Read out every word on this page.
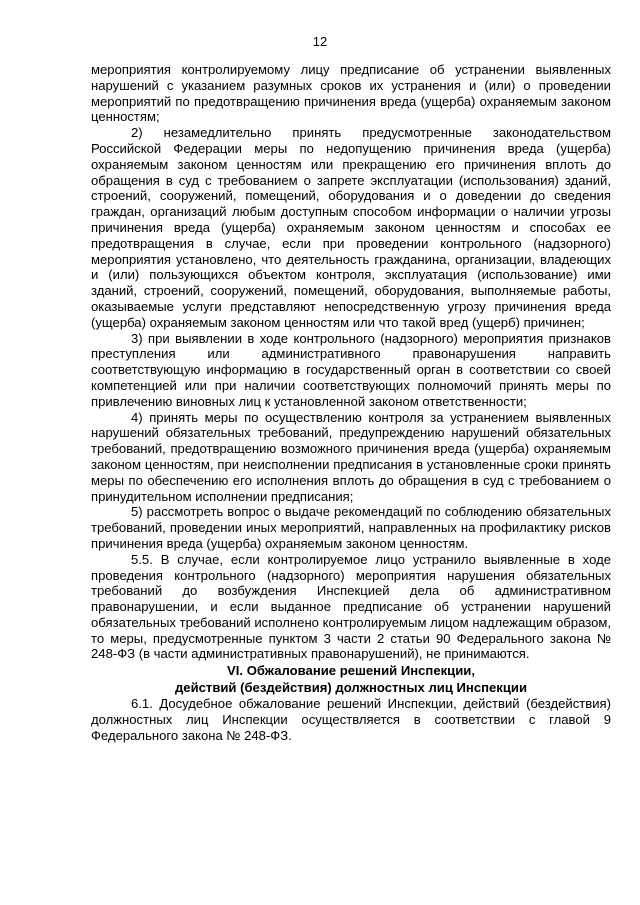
12

мероприятия контролируемому лицу предписание об устранении выявленных нарушений с указанием разумных сроков их устранения и (или) о проведении мероприятий по предотвращению причинения вреда (ущерба) охраняемым законом ценностям;

2) незамедлительно принять предусмотренные законодательством Российской Федерации меры по недопущению причинения вреда (ущерба) охраняемым законом ценностям или прекращению его причинения вплоть до обращения в суд с требованием о запрете эксплуатации (использования) зданий, строений, сооружений, помещений, оборудования и о доведении до сведения граждан, организаций любым доступным способом информации о наличии угрозы причинения вреда (ущерба) охраняемым законом ценностям и способах ее предотвращения в случае, если при проведении контрольного (надзорного) мероприятия установлено, что деятельность гражданина, организации, владеющих и (или) пользующихся объектом контроля, эксплуатация (использование) ими зданий, строений, сооружений, помещений, оборудования, выполняемые работы, оказываемые услуги представляют непосредственную угрозу причинения вреда (ущерба) охраняемым законом ценностям или что такой вред (ущерб) причинен;

3) при выявлении в ходе контрольного (надзорного) мероприятия признаков преступления или административного правонарушения направить соответствующую информацию в государственный орган в соответствии со своей компетенцией или при наличии соответствующих полномочий принять меры по привлечению виновных лиц к установленной законом ответственности;

4) принять меры по осуществлению контроля за устранением выявленных нарушений обязательных требований, предупреждению нарушений обязательных требований, предотвращению возможного причинения вреда (ущерба) охраняемым законом ценностям, при неисполнении предписания в установленные сроки принять меры по обеспечению его исполнения вплоть до обращения в суд с требованием о принудительном исполнении предписания;

5) рассмотреть вопрос о выдаче рекомендаций по соблюдению обязательных требований, проведении иных мероприятий, направленных на профилактику рисков причинения вреда (ущерба) охраняемым законом ценностям.

5.5. В случае, если контролируемое лицо устранило выявленные в ходе проведения контрольного (надзорного) мероприятия нарушения обязательных требований до возбуждения Инспекцией дела об административном правонарушении, и если выданное предписание об устранении нарушений обязательных требований исполнено контролируемым лицом надлежащим образом, то меры, предусмотренные пунктом 3 части 2 статьи 90 Федерального закона № 248-ФЗ (в части административных правонарушений), не принимаются.

VI. Обжалование решений Инспекции,
действий (бездействия) должностных лиц Инспекции

6.1. Досудебное обжалование решений Инспекции, действий (бездействия) должностных лиц Инспекции осуществляется в соответствии с главой 9 Федерального закона № 248-ФЗ.
